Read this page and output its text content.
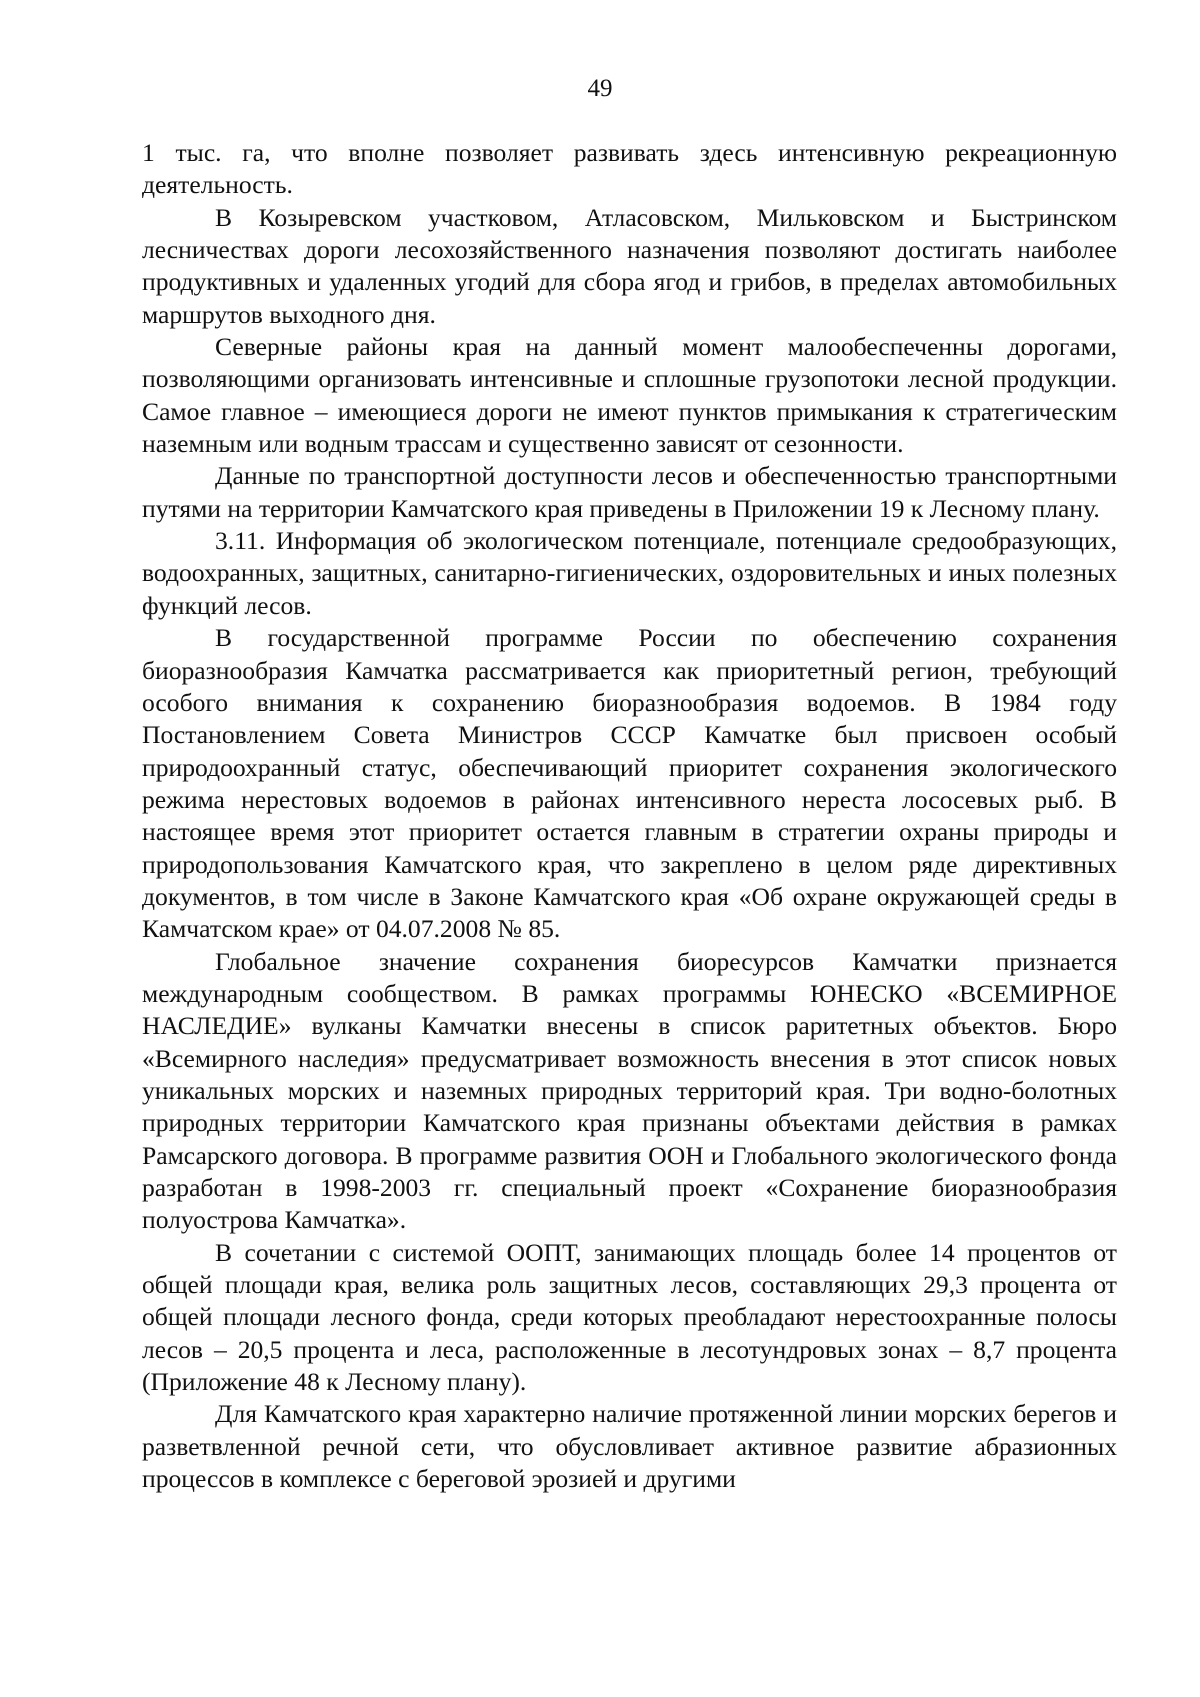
49

1 тыс. га, что вполне позволяет развивать здесь интенсивную рекреационную деятельность.

В Козыревском участковом, Атласовском, Мильковском и Быстринском лесничествах дороги лесохозяйственного назначения позволяют достигать наиболее продуктивных и удаленных угодий для сбора ягод и грибов, в пределах автомобильных маршрутов выходного дня.

Северные районы края на данный момент малообеспеченны дорогами, позволяющими организовать интенсивные и сплошные грузопотоки лесной продукции. Самое главное – имеющиеся дороги не имеют пунктов примыкания к стратегическим наземным или водным трассам и существенно зависят от сезонности.

Данные по транспортной доступности лесов и обеспеченностью транспортными путями на территории Камчатского края приведены в Приложении 19 к Лесному плану.

3.11. Информация об экологическом потенциале, потенциале средообразующих, водоохранных, защитных, санитарно-гигиенических, оздоровительных и иных полезных функций лесов.

В государственной программе России по обеспечению сохранения биоразнообразия Камчатка рассматривается как приоритетный регион, требующий особого внимания к сохранению биоразнообразия водоемов. В 1984 году Постановлением Совета Министров СССР Камчатке был присвоен особый природоохранный статус, обеспечивающий приоритет сохранения экологического режима нерестовых водоемов в районах интенсивного нереста лососевых рыб. В настоящее время этот приоритет остается главным в стратегии охраны природы и природопользования Камчатского края, что закреплено в целом ряде директивных документов, в том числе в Законе Камчатского края «Об охране окружающей среды в Камчатском крае» от 04.07.2008 № 85.

Глобальное значение сохранения биоресурсов Камчатки признается международным сообществом. В рамках программы ЮНЕСКО «ВСЕМИРНОЕ НАСЛЕДИЕ» вулканы Камчатки внесены в список раритетных объектов. Бюро «Всемирного наследия» предусматривает возможность внесения в этот список новых уникальных морских и наземных природных территорий края. Три водно-болотных природных территории Камчатского края признаны объектами действия в рамках Рамсарского договора. В программе развития ООН и Глобального экологического фонда разработан в 1998-2003 гг. специальный проект «Сохранение биоразнообразия полуострова Камчатка».

В сочетании с системой ООПТ, занимающих площадь более 14 процентов от общей площади края, велика роль защитных лесов, составляющих 29,3 процента от общей площади лесного фонда, среди которых преобладают нерестоохранные полосы лесов – 20,5 процента и леса, расположенные в лесотундровых зонах – 8,7 процента (Приложение 48 к Лесному плану).

Для Камчатского края характерно наличие протяженной линии морских берегов и разветвленной речной сети, что обусловливает активное развитие абразионных процессов в комплексе с береговой эрозией и другими
